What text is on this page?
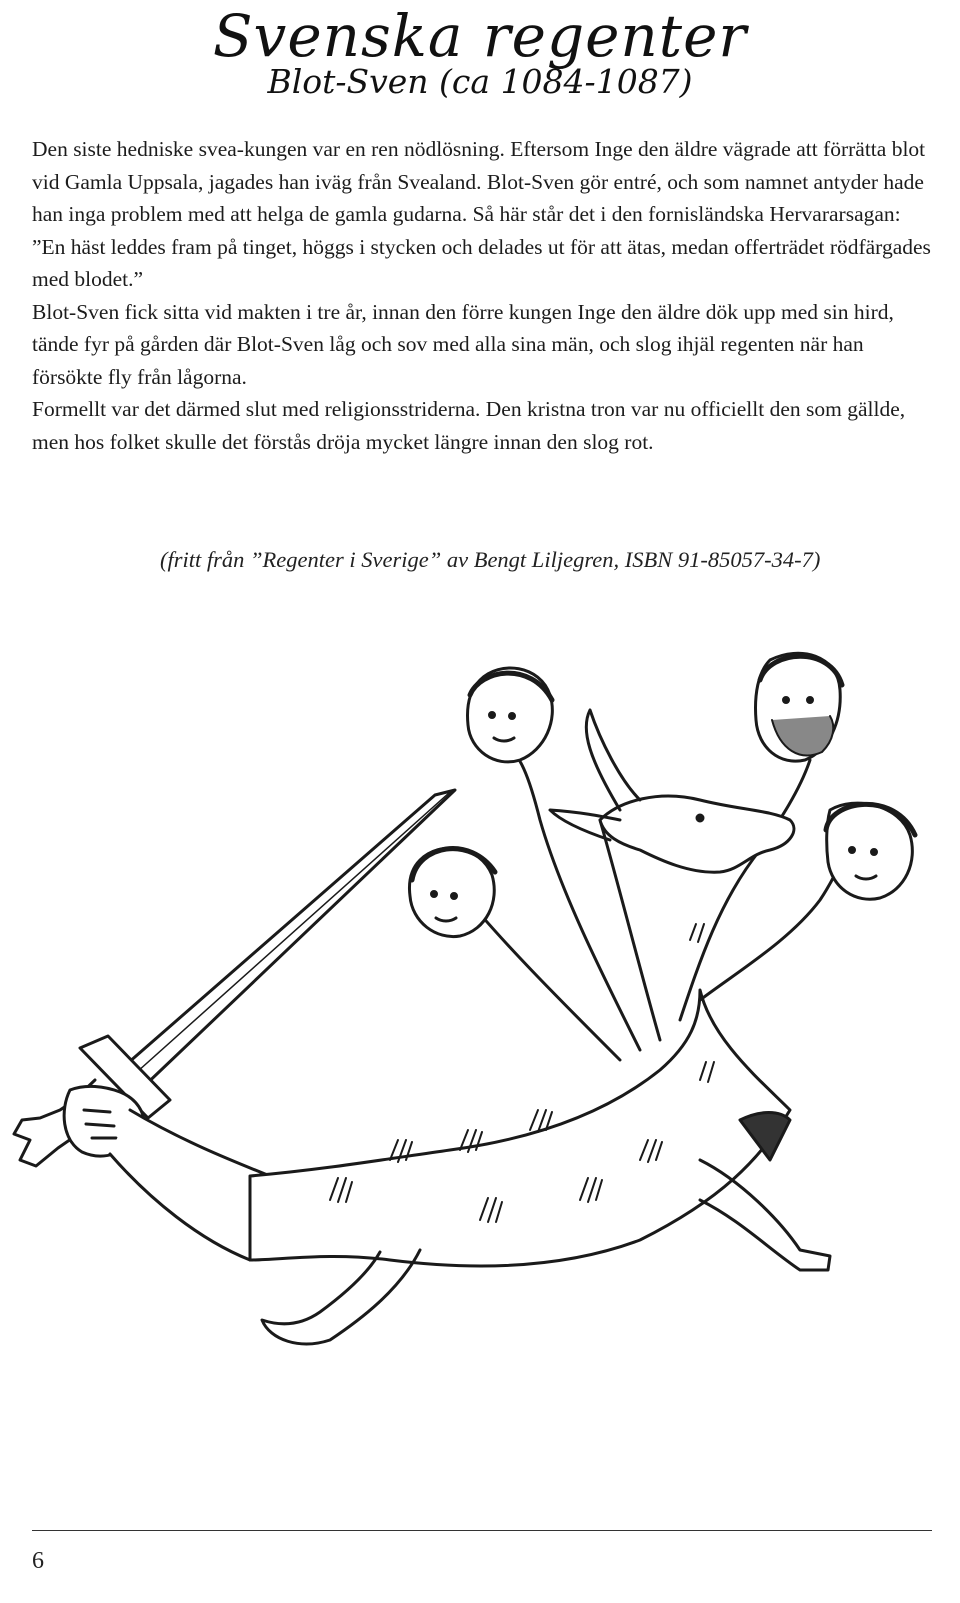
Svenska regenter
Blot-Sven (ca 1084-1087)

Den siste hedniske svea-kungen var en ren nödlösning. Eftersom Inge den äldre vägrade att förrätta blot vid Gamla Uppsala, jagades han iväg från Svealand. Blot-Sven gör entré, och som namnet antyder hade han inga problem med att helga de gamla gudarna. Så här står det i den fornisländska Hervararsagan: ”En häst leddes fram på tinget, höggs i stycken och delades ut för att ätas, medan offerträdet rödfärgades med blodet.”

Blot-Sven fick sitta vid makten i tre år, innan den förre kungen Inge den äldre dök upp med sin hird, tände fyr på gården där Blot-Sven låg och sov med alla sina män, och slog ihjäl regenten när han försökte fly från lågorna.

Formellt var det därmed slut med religionsstriderna. Den kristna tron var nu officiellt den som gällde, men hos folket skulle det förstås dröja mycket längre innan den slog rot.

(fritt från ”Regenter i Sverige” av Bengt Liljegren, ISBN 91-85057-34-7)
6
